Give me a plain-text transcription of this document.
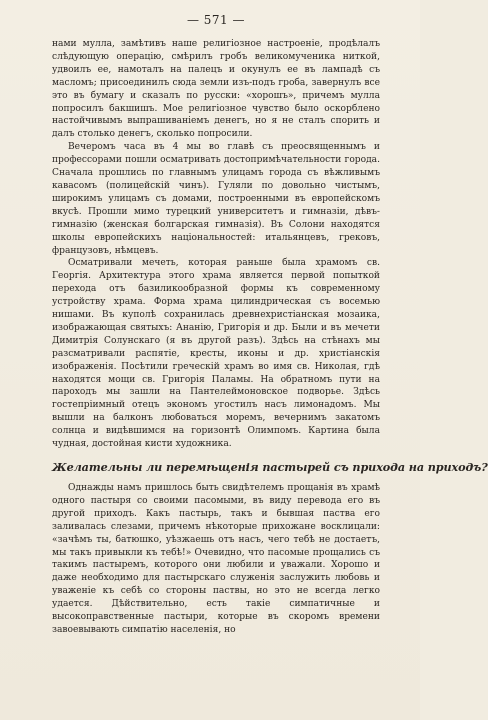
— 571 —

нами мулла, замѣтивъ наше религіозное настроеніе, продѣлалъ слѣдующую операцію, смѣрилъ гробъ великомученика ниткой, удвоилъ ее, намоталъ на палецъ и окунулъ ее въ лампадѣ съ масломъ; присоединилъ сюда земли изъ-подъ гроба, завернулъ все это въ бумагу и сказалъ по русски: «хорошъ», причемъ мулла попросилъ бакшишъ. Мое религіозное чувство было оскорблено настойчивымъ выпрашиваніемъ денегъ, но я не сталъ спорить и далъ столько денегъ, сколько попросили.

Вечеромъ часа въ 4 мы во главѣ съ преосвященнымъ и профессорами пошли осматривать достопримѣчательности города. Сначала прошлись по главнымъ улицамъ города съ вѣжливымъ кавасомъ (полицейскій чинъ). Гуляли по довольно чистымъ, широкимъ улицамъ съ домами, построенными въ европейскомъ вкусѣ. Прошли мимо турецкий университетъ и гимназіи, дѣвъ-гимназію (женская болгарская гимназія). Въ Солони находятся школы европейскихъ національностей: итальянцевъ, грековъ, французовъ, нѣмцевъ.

Осматривали мечеть, которая раньше была храмомъ св. Георгія. Архитектура этого храма является первой попыткой перехода отъ базиликообразной формы къ современному устройству храма. Форма храма цилиндрическая съ восемью нишами. Въ куполѣ сохранилась древнехристіанская мозаика, изображающая святыхъ: Ананію, Григорія и др. Были и въ мечети Димитрія Солунскаго (я въ другой разъ). Здѣсь на стѣнахъ мы разсматривали распятіе, кресты, иконы и др. христіанскія изображенія. Посѣтили греческій храмъ во имя св. Николая, гдѣ находятся мощи св. Григорія Паламы. На обратномъ пути на пароходъ мы зашли на Пантелеймоновское подворье. Здѣсь гостепріимный отецъ экономъ угостилъ насъ лимонадомъ. Мы вышли на балконъ любоваться моремъ, вечернимъ закатомъ солнца и видѣвшимся на горизонтѣ Олимпомъ. Картина была чудная, достойная кисти художника.

Желательны ли перемѣщенія пастырей съ прихода на приходъ?

Однажды намъ пришлось быть свидѣтелемъ прощанія въ храмѣ одного пастыря со своими пасомыми, въ виду перевода его въ другой приходъ. Какъ пастырь, такъ и бывшая паства его заливалась слезами, причемъ нѣкоторые прихожане восклицали: «зачѣмъ ты, батюшко, уѣзжаешь отъ насъ, чего тебѣ не достаетъ, мы такъ привыкли къ тебѣ!» Очевидно, что пасомые прощались съ такимъ пастыремъ, которого они любили и уважали. Хорошо и даже необходимо для пастырскаго служенія заслужить любовь и уваженіе къ себѣ со стороны паствы, но это не всегда легко удается. Дѣйствительно, есть такіе симпатичные и высокоправственные пастыри, которые въ скоромъ времени завоевывають симпатію населенія, но
